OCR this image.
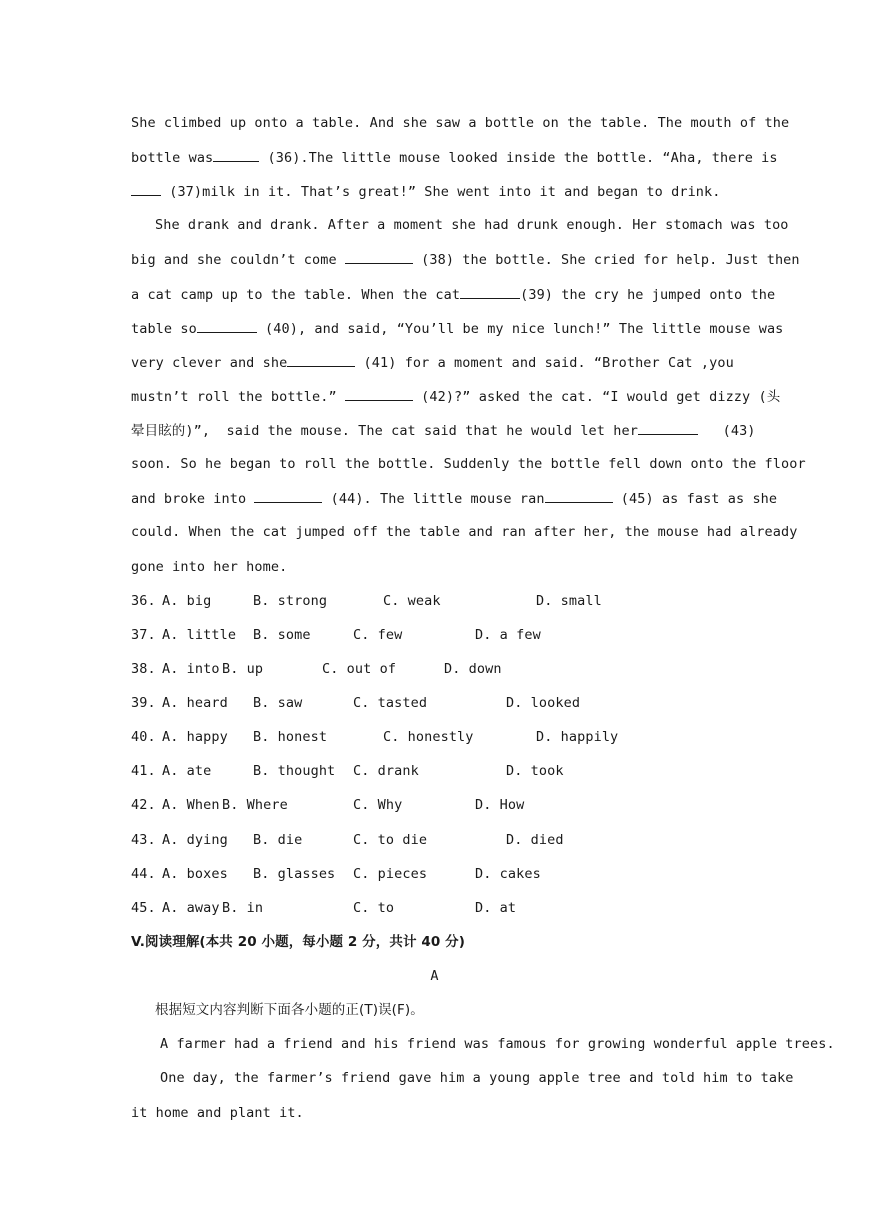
She climbed up onto a table. And she saw a bottle on the table. The mouth of the
bottle was	(36).The little mouse looked inside the bottle. “Aha, there is
(37)milk in it. That’s great!” She went into it and began to drink.
She drank and drank. After a moment she had drunk enough. Her stomach was too
big and she couldn’t come	(38) the bottle. She cried for help. Just then
a cat camp up to the table. When the cat	(39) the cry he jumped onto the
table so	(40), and said, “You’ll be my nice lunch!” The little mouse was
very clever and she	(41) for a moment and said. “Brother Cat ,you
mustn’t roll the bottle.”	(42)?” asked the cat. “I would get dizzy (头
晕目眩的)”,  said the mouse. The cat said that he would let her	(43)
soon. So he began to roll the bottle. Suddenly the bottle fell down onto the floor
and broke into	(44). The little mouse ran	(45) as fast as she
could. When the cat jumped off the table and ran after her, the mouse had already
gone into her home.
36. A. big	B. strong	C. weak	D. small
37. A. little B. some	C. few	D. a few
38. A. into B. up	C. out of	D. down
39. A. heard B. saw	C. tasted	D. looked
40. A. happy B. honest	C. honestly	D. happily
41. A. ate	B. thought C. drank	D. took
42. A. When B. Where	C. Why	D. How
43. A. dying B. die	C. to die	D. died
44. A. boxes B. glasses C. pieces	D. cakes
45. A. away B. in	C. to	D. at
V.阅读理解(本共 20 小题，每小题 2 分，共计 40 分)
A
根据短文内容判断下面各小题的正(T)误(F)。
A farmer had a friend and his friend was famous for growing wonderful apple trees.
One day, the farmer’s friend gave him a young apple tree and told him to take
it home and plant it.
